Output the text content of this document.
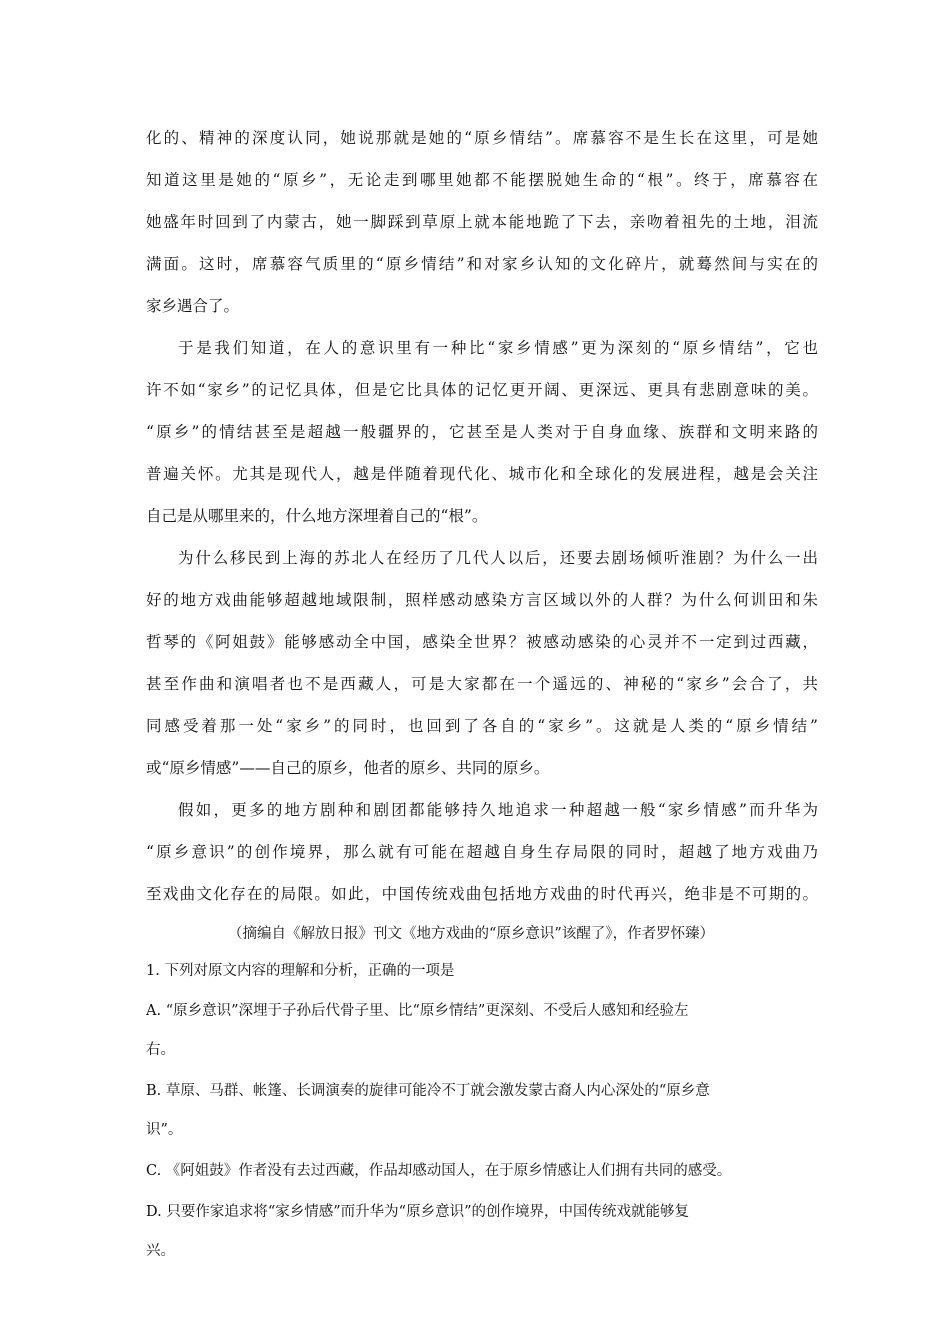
化的、精神的深度认同，她说那就是她的“原乡情结”。席慕容不是生长在这里，可是她
知道这里是她的“原乡”，无论走到哪里她都不能摆脱她生命的“根”。终于，席慕容在
她盛年时回到了内蒙古，她一脚踩到草原上就本能地跪了下去，亲吻着祖先的土地，泪流
满面。这时，席慕容气质里的“原乡情结”和对家乡认知的文化碎片，就蓦然间与实在的
家乡遇合了。
于是我们知道，在人的意识里有一种比“家乡情感”更为深刻的“原乡情结”，它也
许不如“家乡”的记忆具体，但是它比具体的记忆更开阔、更深远、更具有悲剧意味的美。
“原乡”的情结甚至是超越一般疆界的，它甚至是人类对于自身血缘、族群和文明来路的
普遍关怀。尤其是现代人，越是伴随着现代化、城市化和全球化的发展进程，越是会关注
自己是从哪里来的，什么地方深埋着自己的“根”。
为什么移民到上海的苏北人在经历了几代人以后，还要去剧场倾听淮剧？为什么一出
好的地方戏曲能够超越地域限制，照样感动感染方言区域以外的人群？为什么何训田和朱
哲琴的《阿姐鼓》能够感动全中国，感染全世界？被感动感染的心灵并不一定到过西藏，
甚至作曲和演唱者也不是西藏人，可是大家都在一个遥远的、神秘的“家乡”会合了，共
同感受着那一处“家乡”的同时，也回到了各自的“家乡”。这就是人类的“原乡情结”
或“原乡情感”——自己的原乡，他者的原乡、共同的原乡。
假如，更多的地方剧种和剧团都能够持久地追求一种超越一般“家乡情感”而升华为
“原乡意识”的创作境界，那么就有可能在超越自身生存局限的同时，超越了地方戏曲乃
至戏曲文化存在的局限。如此，中国传统戏曲包括地方戏曲的时代再兴，绝非是不可期的。
（摘编自《解放日报》刊文《地方戏曲的“原乡意识”该醒了》，作者罗怀臻）
1. 下列对原文内容的理解和分析，正确的一项是
A. “原乡意识”深埋于子孙后代骨子里、比“原乡情结”更深刻、不受后人感知和经验左
右。
B. 草原、马群、帐篷、长调演奏的旋律可能冷不丁就会激发蒙古裔人内心深处的“原乡意
识”。
C. 《阿姐鼓》作者没有去过西藏，作品却感动国人，在于原乡情感让人们拥有共同的感受。
D. 只要作家追求将“家乡情感”而升华为“原乡意识”的创作境界，中国传统戏就能够复
兴。
